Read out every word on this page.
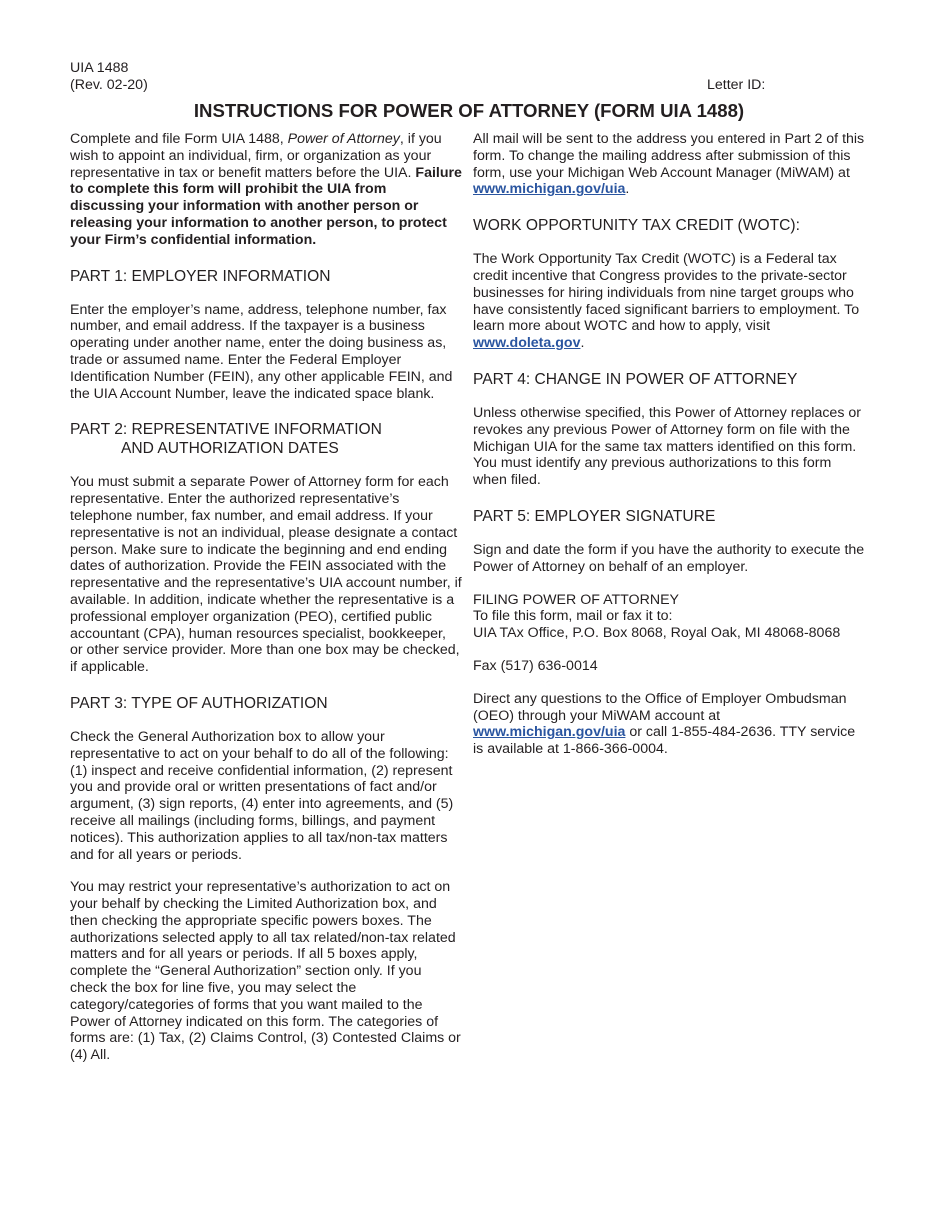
UIA 1488
(Rev. 02-20)	Letter ID:
INSTRUCTIONS FOR POWER OF ATTORNEY (FORM UIA 1488)

Complete and file Form UIA 1488, Power of Attorney, if you wish to appoint an individual, firm, or organization as your representative in tax or benefit matters before the UIA. Failure to complete this form will prohibit the UIA from discussing your information with another person or releasing your information to another person, to protect your Firm’s confidential information.

PART 1: EMPLOYER INFORMATION

Enter the employer’s name, address, telephone number, fax number, and email address. If the taxpayer is a business operating under another name, enter the doing business as, trade or assumed name. Enter the Federal Employer Identification Number (FEIN), any other applicable FEIN, and the UIA Account Number, leave the indicated space blank.

PART 2: REPRESENTATIVE INFORMATION

AND AUTHORIZATION DATES

You must submit a separate Power of Attorney form for each representative. Enter the authorized representative’s telephone number, fax number, and email address. If your representative is not an individual, please designate a contact person. Make sure to indicate the beginning and end ending dates of authorization. Provide the FEIN associated with the representative and the representative’s UIA account number, if available. In addition, indicate whether the representative is a professional employer organization (PEO), certified public accountant (CPA), human resources specialist, bookkeeper, or other service provider. More than one box may be checked, if applicable.

PART 3: TYPE OF AUTHORIZATION

Check the General Authorization box to allow your representative to act on your behalf to do all of the following: (1) inspect and receive confidential information, (2) represent you and provide oral or written presentations of fact and/or argument, (3) sign reports, (4) enter into agreements, and (5) receive all mailings (including forms, billings, and payment notices). This authorization applies to all tax/non-tax matters and for all years or periods.

You may restrict your representative’s authorization to act on your behalf by checking the Limited Authorization box, and then checking the appropriate specific powers boxes. The authorizations selected apply to all tax related/non-tax related matters and for all years or periods. If all 5 boxes apply, complete the “General Authorization” section only. If you check the box for line five, you may select the category/categories of forms that you want mailed to the Power of Attorney indicated on this form. The categories of forms are: (1) Tax, (2) Claims Control, (3) Contested Claims or (4) All.

All mail will be sent to the address you entered in Part 2 of this form. To change the mailing address after submission of this form, use your Michigan Web Account Manager (MiWAM) at www.michigan.gov/uia.

WORK OPPORTUNITY TAX CREDIT (WOTC):

The Work Opportunity Tax Credit (WOTC) is a Federal tax credit incentive that Congress provides to the private-sector businesses for hiring individuals from nine target groups who have consistently faced significant barriers to employment. To learn more about WOTC and how to apply, visit www.doleta.gov.

PART 4: CHANGE IN POWER OF ATTORNEY

Unless otherwise specified, this Power of Attorney replaces or revokes any previous Power of Attorney form on file with the Michigan UIA for the same tax matters identified on this form. You must identify any previous authorizations to this form when filed.

PART 5: EMPLOYER SIGNATURE

Sign and date the form if you have the authority to execute the Power of Attorney on behalf of an employer.

FILING POWER OF ATTORNEY
To file this form, mail or fax it to:
UIA TAx Office, P.O. Box 8068, Royal Oak, MI 48068-8068

Fax (517) 636-0014

Direct any questions to the Office of Employer Ombudsman (OEO) through your MiWAM account at www.michigan.gov/uia or call 1-855-484-2636. TTY service is available at 1-866-366-0004.
